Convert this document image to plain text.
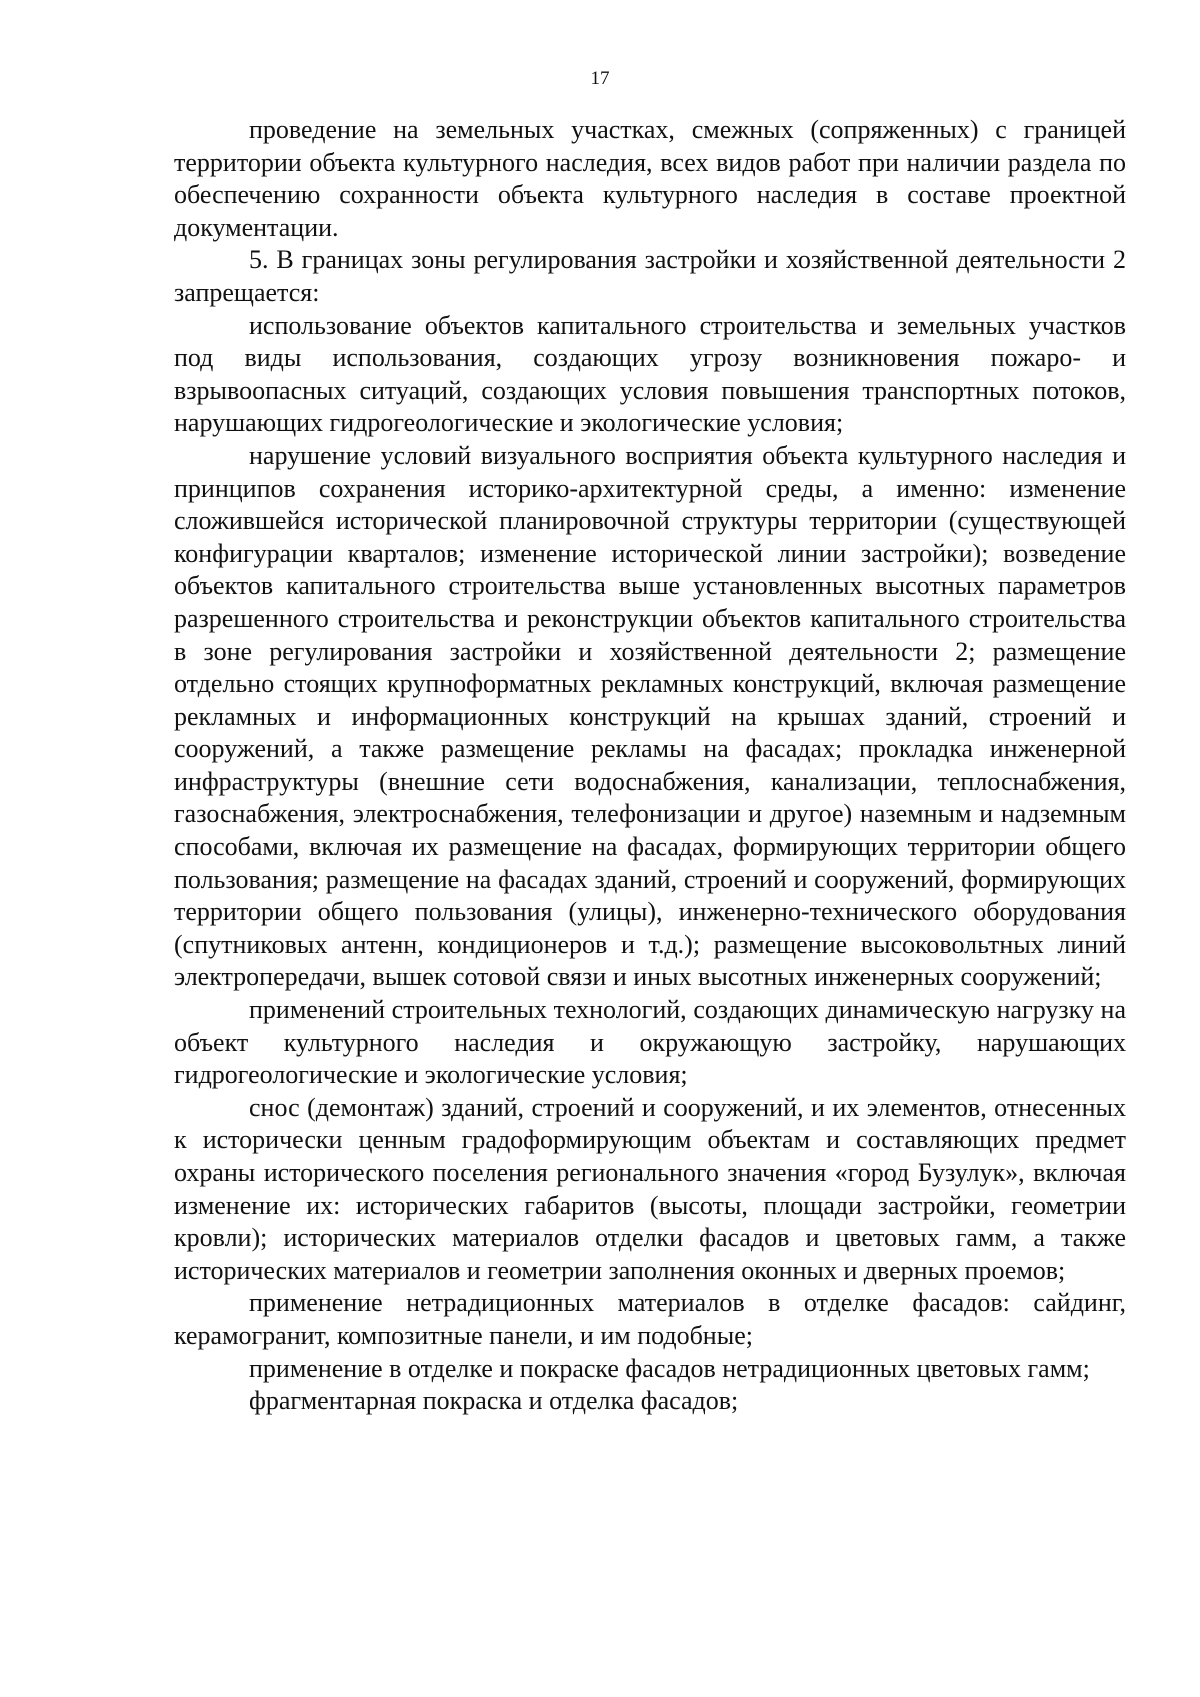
17

проведение на земельных участках, смежных (сопряженных) с границей территории объекта культурного наследия, всех видов работ при наличии раздела по обеспечению сохранности объекта культурного наследия в составе проектной документации.

5. В границах зоны регулирования застройки и хозяйственной деятельности 2 запрещается:

использование объектов капитального строительства и земельных участков под виды использования, создающих угрозу возникновения пожаро- и взрывоопасных ситуаций, создающих условия повышения транспортных потоков, нарушающих гидрогеологические и экологические условия;

нарушение условий визуального восприятия объекта культурного наследия и принципов сохранения историко-архитектурной среды, а именно: изменение сложившейся исторической планировочной структуры территории (существующей конфигурации кварталов; изменение исторической линии застройки); возведение объектов капитального строительства выше установленных высотных параметров разрешенного строительства и реконструкции объектов капитального строительства в зоне регулирования застройки и хозяйственной деятельности 2; размещение отдельно стоящих крупноформатных рекламных конструкций, включая размещение рекламных и информационных конструкций на крышах зданий, строений и сооружений, а также размещение рекламы на фасадах; прокладка инженерной инфраструктуры (внешние сети водоснабжения, канализации, теплоснабжения, газоснабжения, электроснабжения, телефонизации и другое) наземным и надземным способами, включая их размещение на фасадах, формирующих территории общего пользования; размещение на фасадах зданий, строений и сооружений, формирующих территории общего пользования (улицы), инженерно-технического оборудования (спутниковых антенн, кондиционеров и т.д.); размещение высоковольтных линий электропередачи, вышек сотовой связи и иных высотных инженерных сооружений;

применений строительных технологий, создающих динамическую нагрузку на объект культурного наследия и окружающую застройку, нарушающих гидрогеологические и экологические условия;

снос (демонтаж) зданий, строений и сооружений, и их элементов, отнесенных к исторически ценным градоформирующим объектам и составляющих предмет охраны исторического поселения регионального значения «город Бузулук», включая изменение их: исторических габаритов (высоты, площади застройки, геометрии кровли); исторических материалов отделки фасадов и цветовых гамм, а также исторических материалов и геометрии заполнения оконных и дверных проемов;

применение нетрадиционных материалов в отделке фасадов: сайдинг, керамогранит, композитные панели, и им подобные;

применение в отделке и покраске фасадов нетрадиционных цветовых гамм;

фрагментарная покраска и отделка фасадов;
